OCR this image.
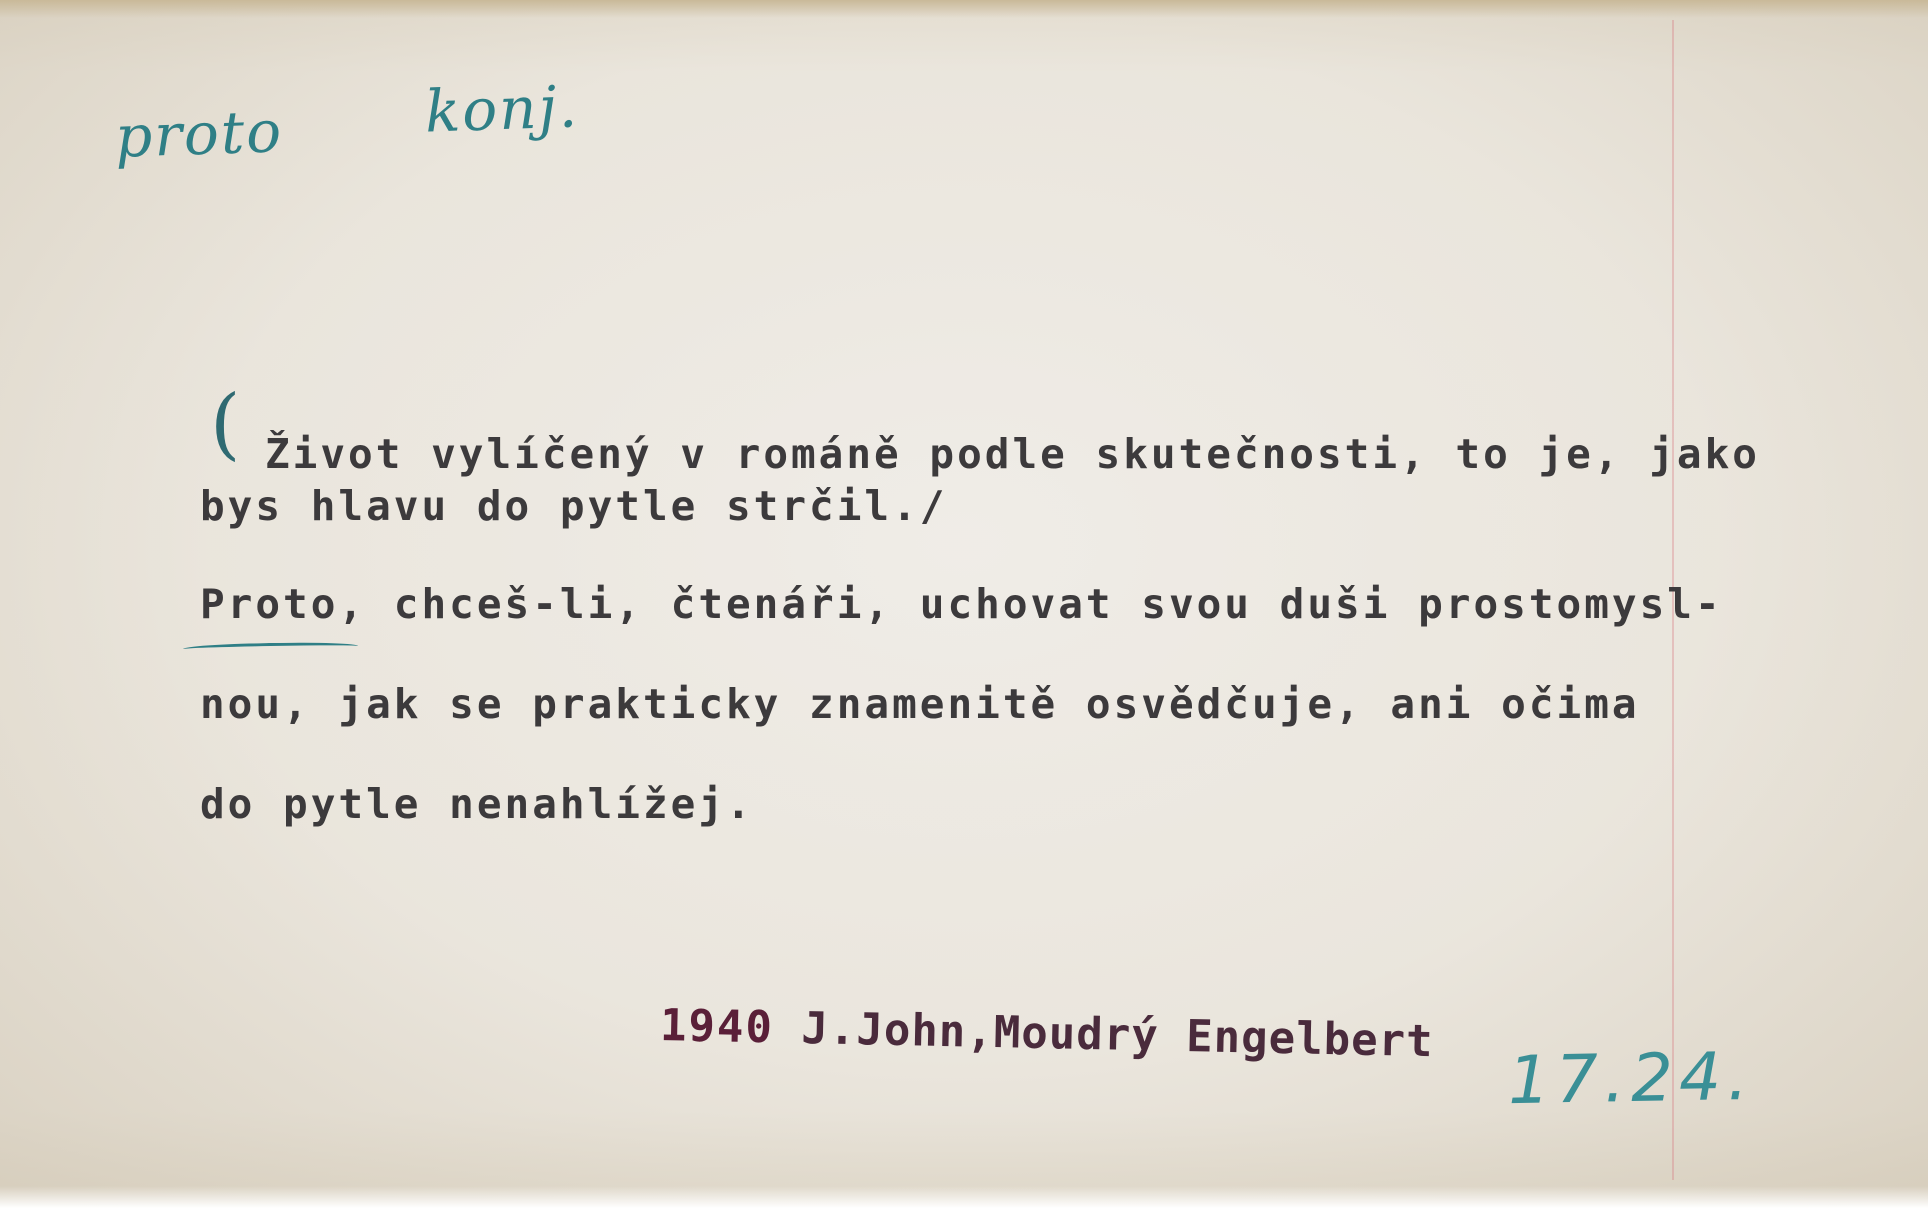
proto konj.
( Život vylíčený v románě podle skutečnosti, to je, jako
bys hlavu do pytle strčil./
Proto, chceš-li, čtenáři, uchovat svou duši prostomysl-
nou, jak se prakticky znamenitě osvědčuje, ani očima
do pytle nenahlížej.
1940 J.John,Moudrý Engelbert
17.24.
